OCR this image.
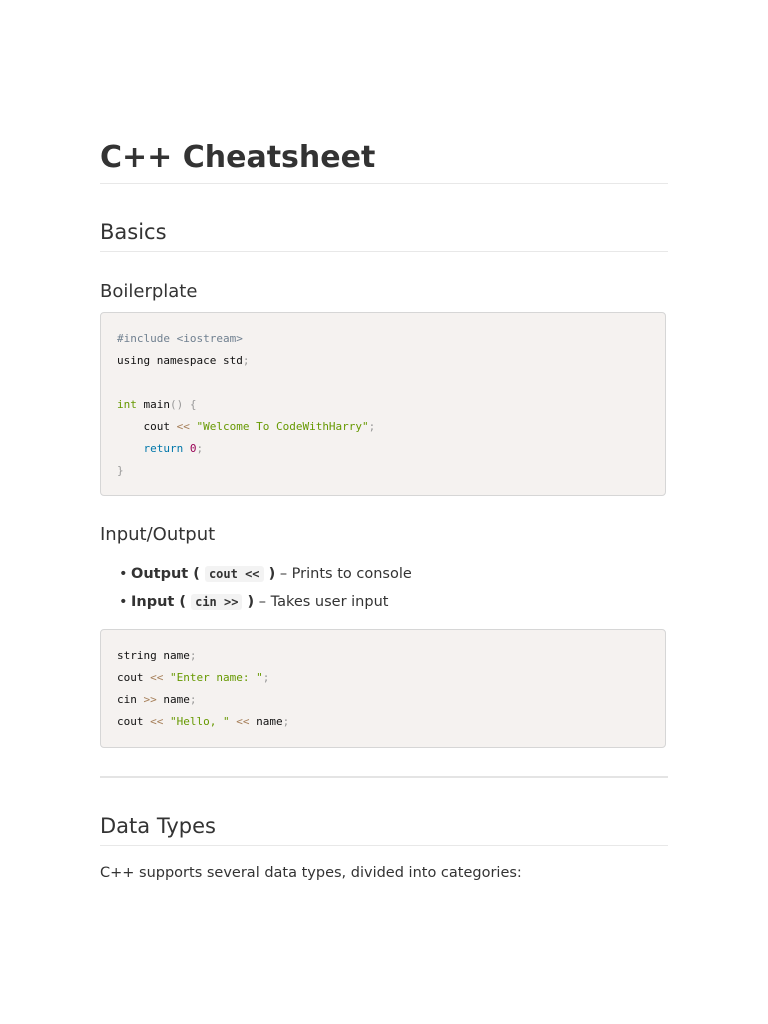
C++ Cheatsheet
Basics
Boilerplate
#include <iostream>
using namespace std;

int main() {
cout << "Welcome To CodeWithHarry";
return 0;
}
Input/Output
• Output ( cout << ) – Prints to console
• Input ( cin >> ) – Takes user input
string name;
cout << "Enter name: ";
cin >> name;
cout << "Hello, " << name;
Data Types

C++ supports several data types, divided into categories:
